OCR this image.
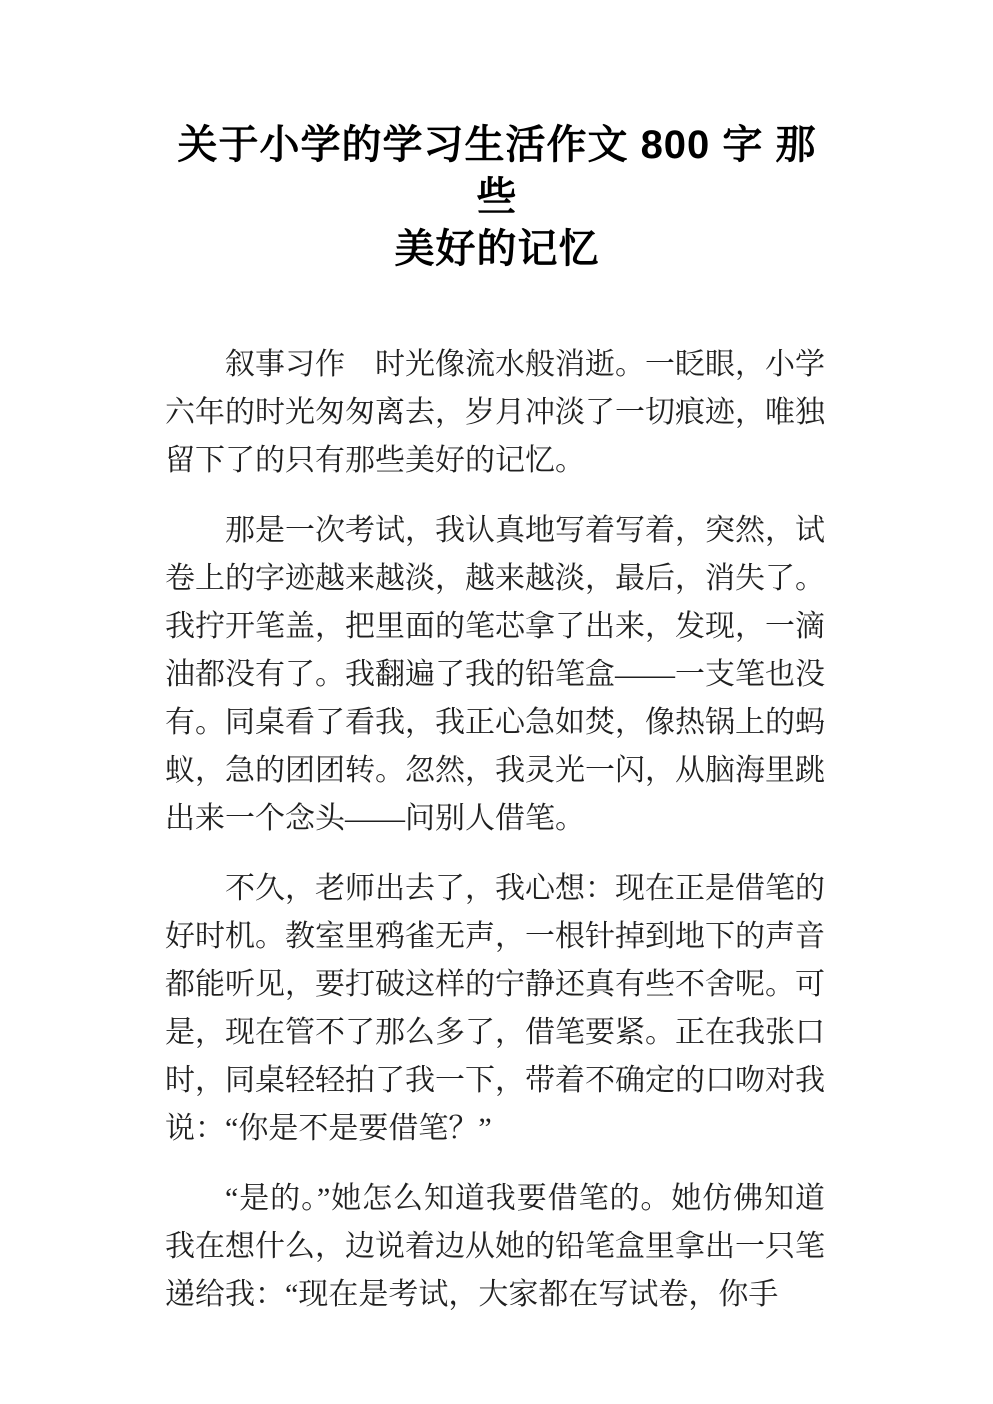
关于小学的学习生活作文 800 字 那些
美好的记忆

叙事习作　时光像流水般消逝。一眨眼，小学六年的时光匆匆离去，岁月冲淡了一切痕迹，唯独留下了的只有那些美好的记忆。

那是一次考试，我认真地写着写着，突然，试卷上的字迹越来越淡，越来越淡，最后，消失了。我拧开笔盖，把里面的笔芯拿了出来，发现，一滴油都没有了。我翻遍了我的铅笔盒——一支笔也没有。同桌看了看我，我正心急如焚，像热锅上的蚂蚁，急的团团转。忽然，我灵光一闪，从脑海里跳出来一个念头——问别人借笔。

不久，老师出去了，我心想：现在正是借笔的好时机。教室里鸦雀无声，一根针掉到地下的声音都能听见，要打破这样的宁静还真有些不舍呢。可是，现在管不了那么多了，借笔要紧。正在我张口时，同桌轻轻拍了我一下，带着不确定的口吻对我说：“你是不是要借笔？”

“是的。”她怎么知道我要借笔的。她仿佛知道我在想什么，边说着边从她的铅笔盒里拿出一只笔递给我：“现在是考试，大家都在写试卷，你手
